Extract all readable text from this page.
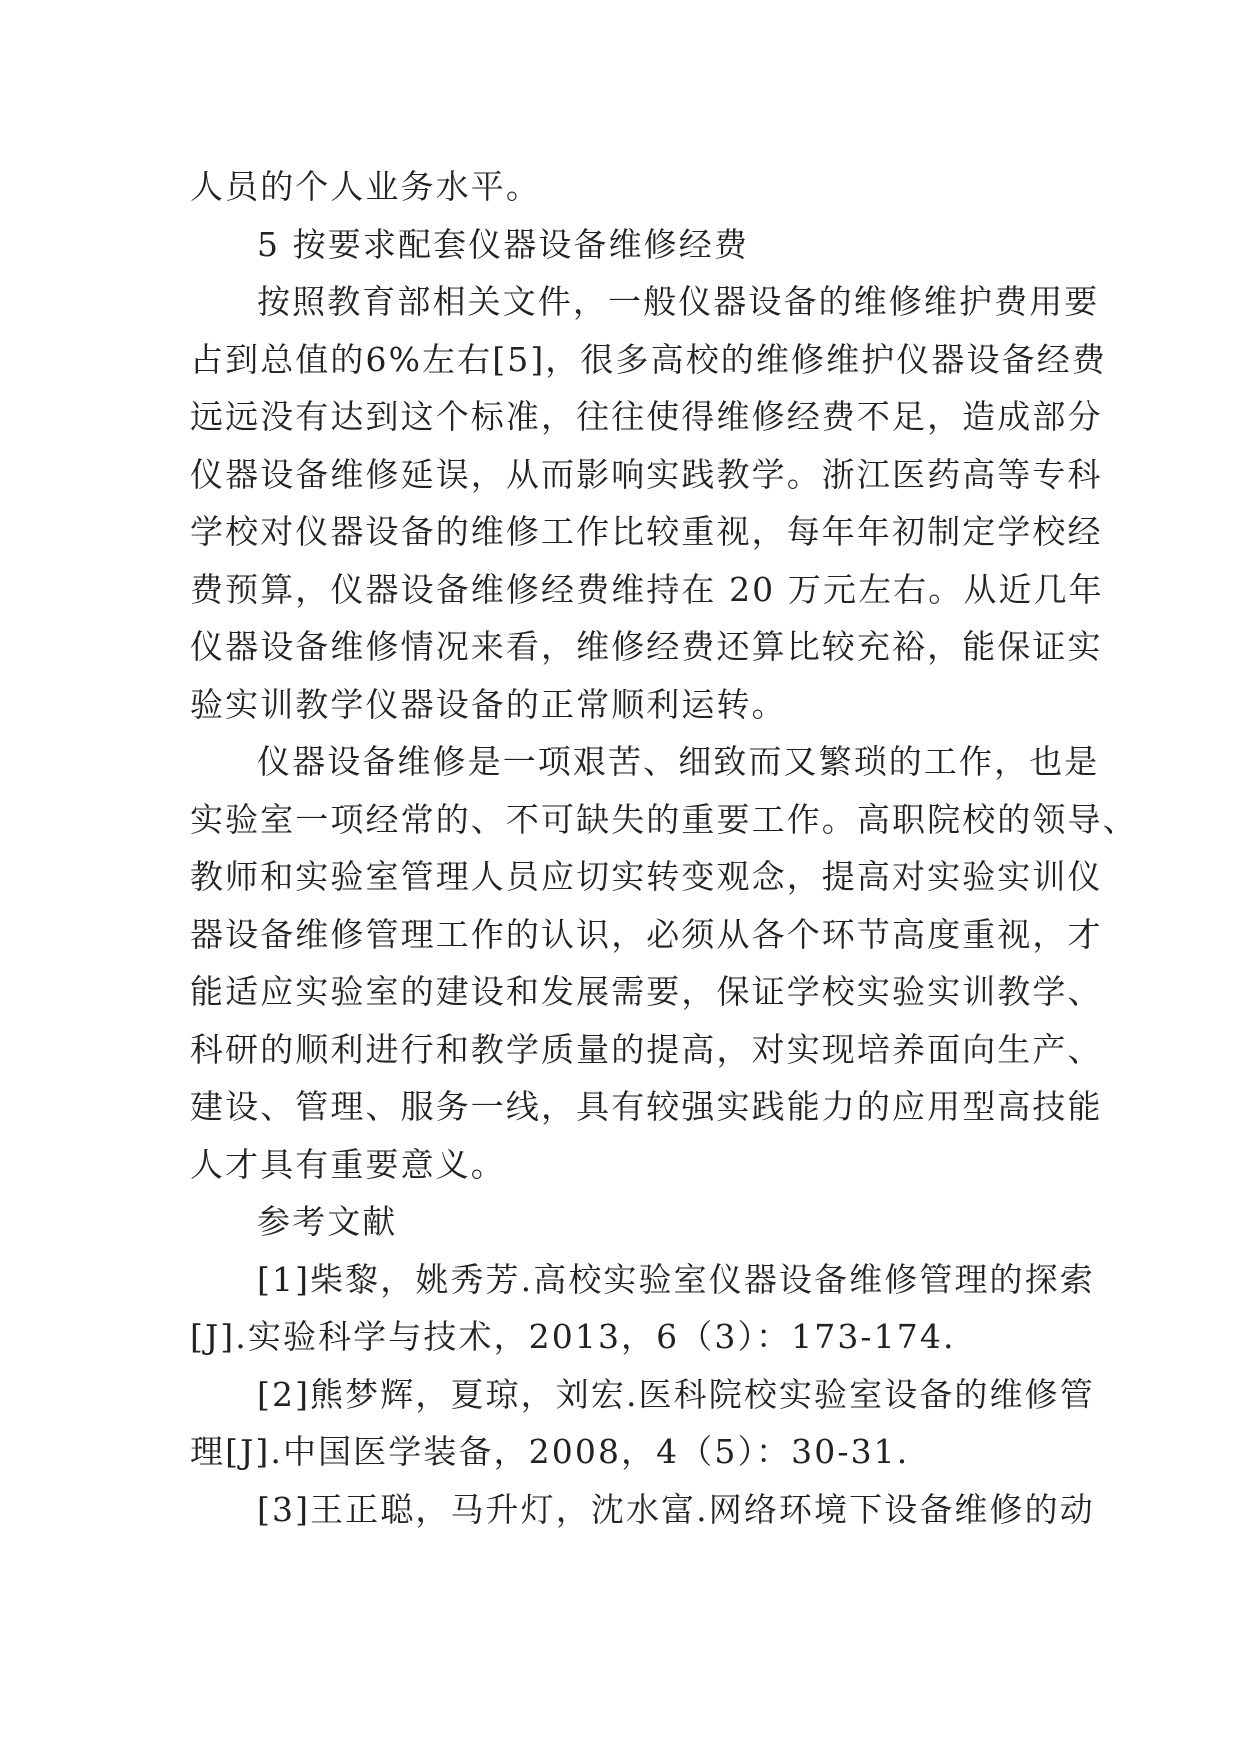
人员的个人业务水平。
5 按要求配套仪器设备维修经费
按照教育部相关文件，一般仪器设备的维修维护费用要
占到总值的6%左右[5]，很多高校的维修维护仪器设备经费
远远没有达到这个标准，往往使得维修经费不足，造成部分
仪器设备维修延误，从而影响实践教学。浙江医药高等专科
学校对仪器设备的维修工作比较重视，每年年初制定学校经
费预算，仪器设备维修经费维持在 20 万元左右。从近几年
仪器设备维修情况来看，维修经费还算比较充裕，能保证实
验实训教学仪器设备的正常顺利运转。
仪器设备维修是一项艰苦、细致而又繁琐的工作，也是
实验室一项经常的、不可缺失的重要工作。高职院校的领导、
教师和实验室管理人员应切实转变观念，提高对实验实训仪
器设备维修管理工作的认识，必须从各个环节高度重视，才
能适应实验室的建设和发展需要，保证学校实验实训教学、
科研的顺利进行和教学质量的提高，对实现培养面向生产、
建设、管理、服务一线，具有较强实践能力的应用型高技能
人才具有重要意义。
参考文献
[1]柴黎，姚秀芳.高校实验室仪器设备维修管理的探索
[J].实验科学与技术，2013，6（3）：173-174.
[2]熊梦辉，夏琼，刘宏.医科院校实验室设备的维修管
理[J].中国医学装备，2008，4（5）：30-31.
[3]王正聪，马升灯，沈水富.网络环境下设备维修的动
